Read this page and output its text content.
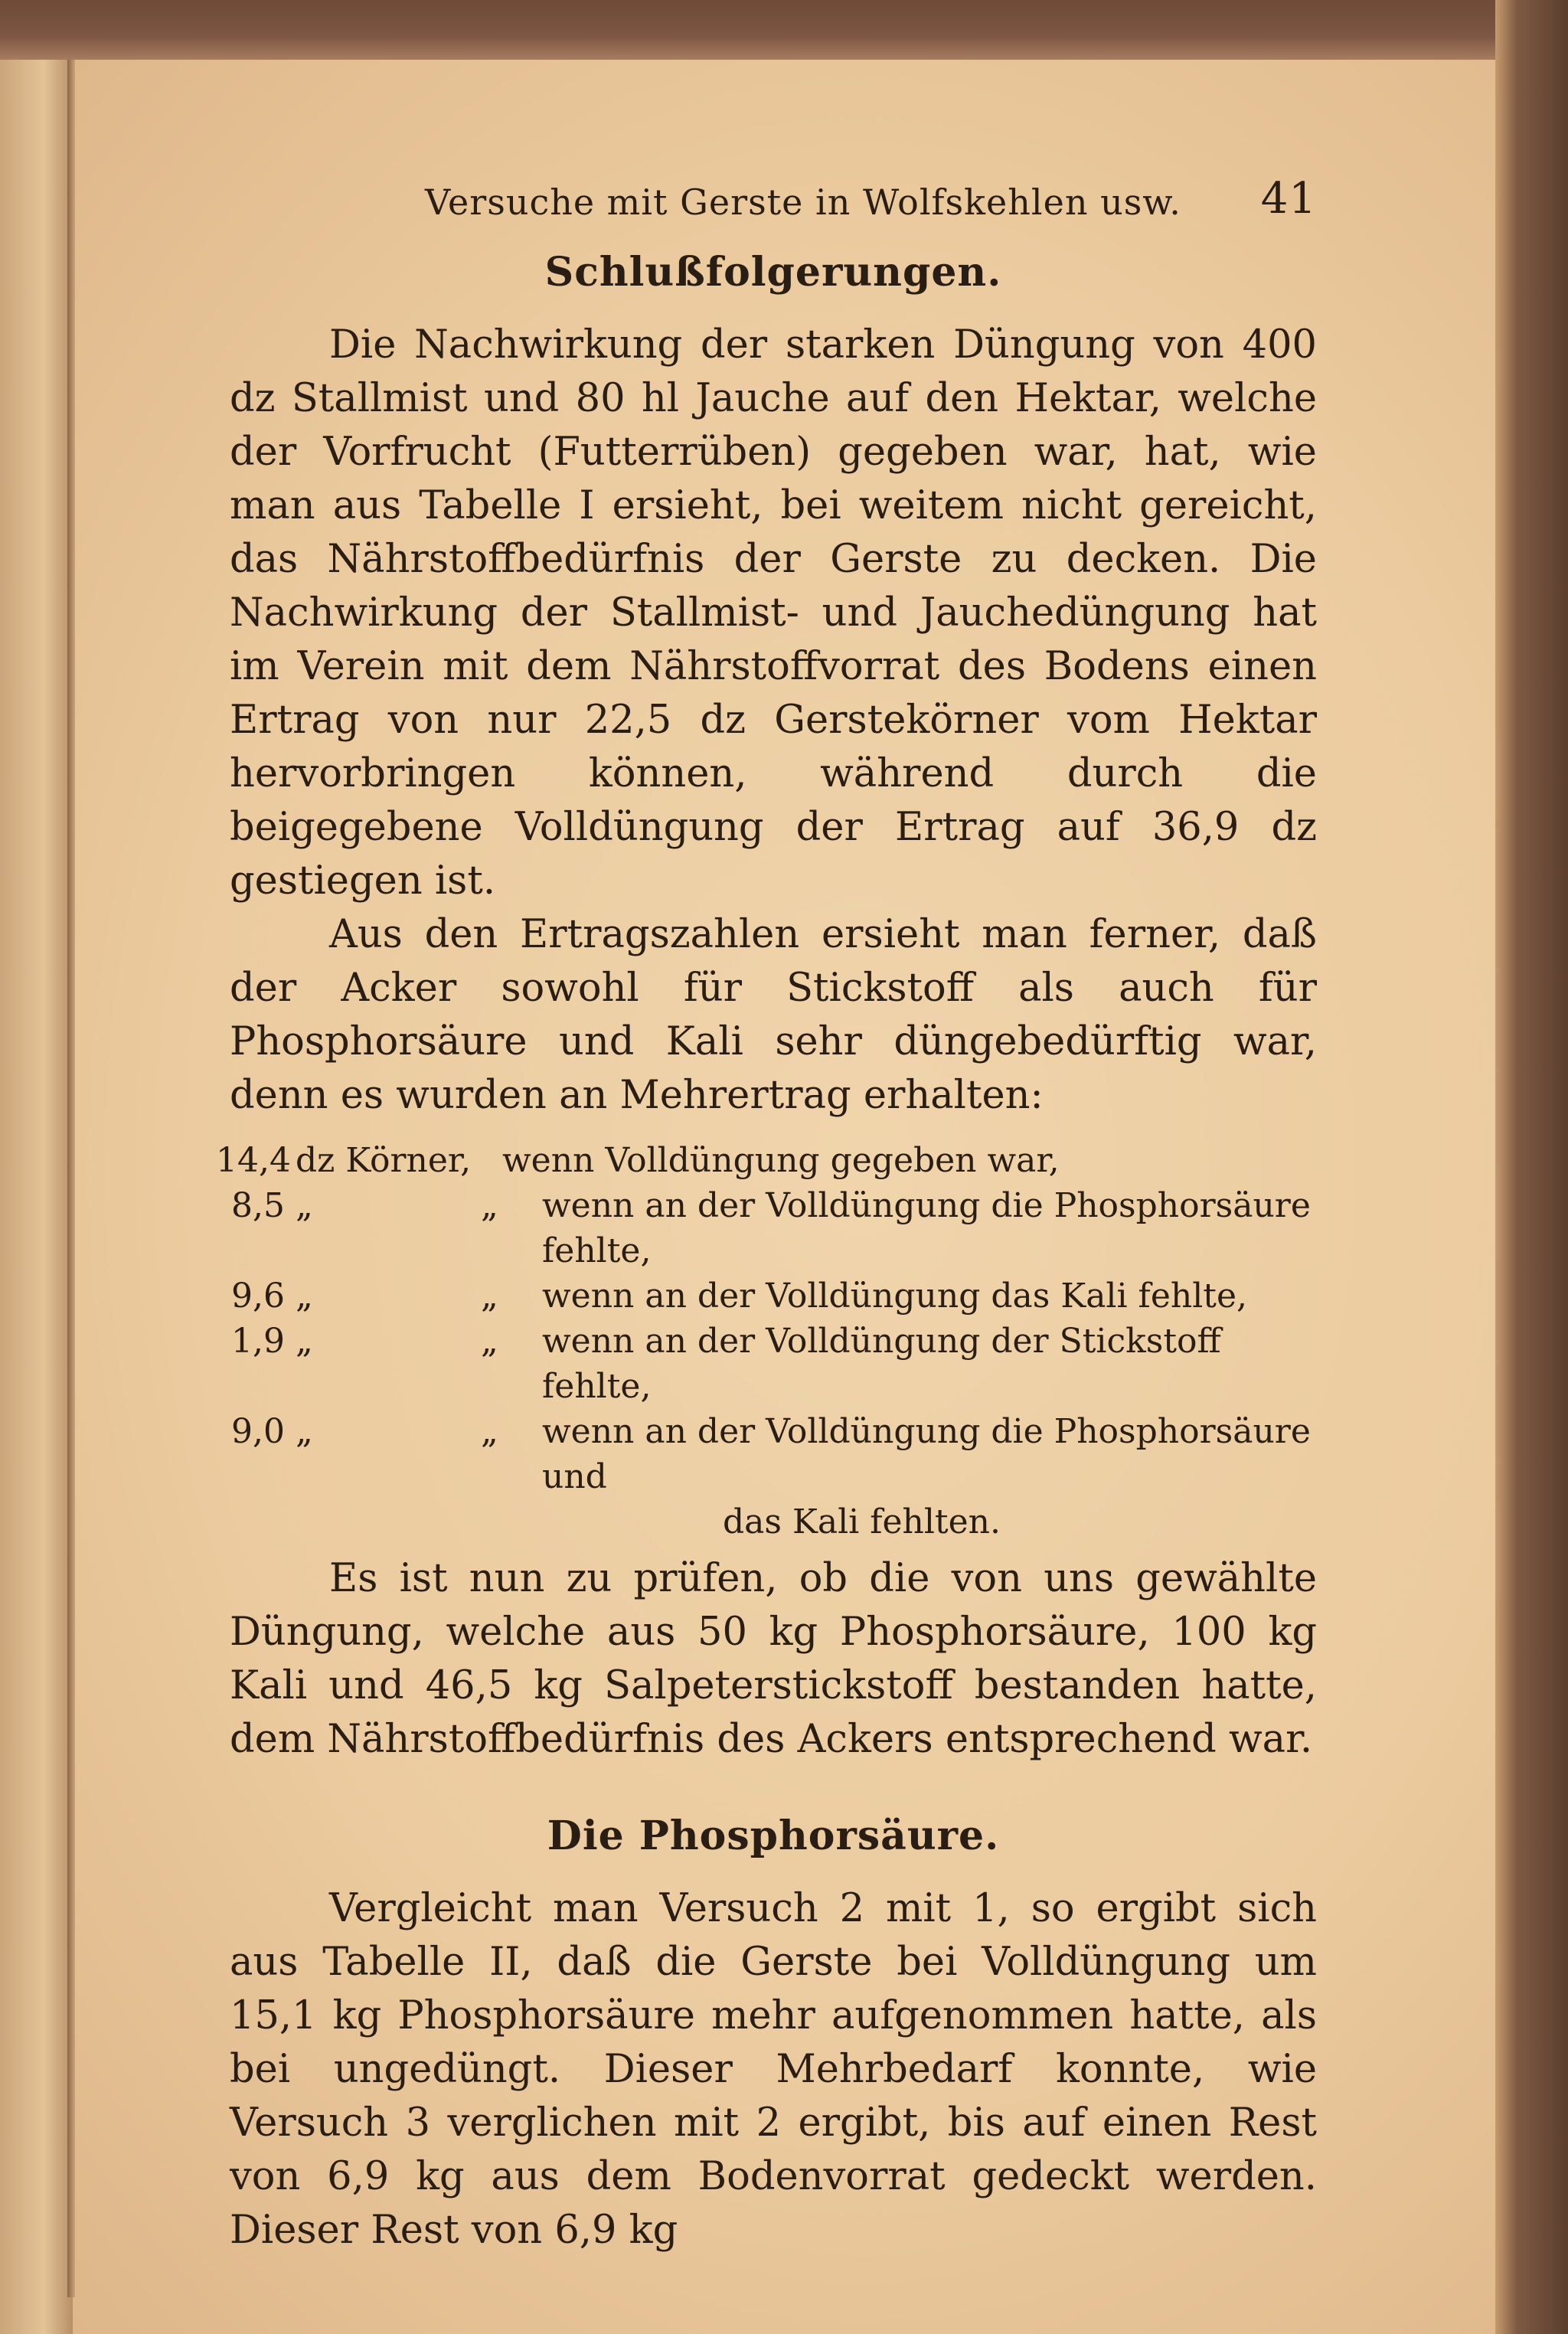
Versuche mit Gerste in Wolfskehlen usw. 41
Schlußfolgerungen.

Die Nachwirkung der starken Düngung von 400 dz Stallmist und 80 hl Jauche auf den Hektar, welche der Vorfrucht (Futterrüben) gegeben war, hat, wie man aus Tabelle I ersieht, bei weitem nicht gereicht, das Nährstoffbedürfnis der Gerste zu decken. Die Nachwirkung der Stallmist- und Jauchedüngung hat im Verein mit dem Nährstoffvorrat des Bodens einen Ertrag von nur 22,5 dz Gerstekörner vom Hektar hervorbringen können, während durch die beigegebene Volldüngung der Ertrag auf 36,9 dz gestiegen ist.

Aus den Ertragszahlen ersieht man ferner, daß der Acker sowohl für Stickstoff als auch für Phosphorsäure und Kali sehr düngebedürftig war, denn es wurden an Mehrertrag erhalten:

14,4 dz Körner, wenn Volldüngung gegeben war,
8,5 „	„	wenn an der Volldüngung die Phosphorsäure fehlte,
9,6 „	„	wenn an der Volldüngung das Kali fehlte,
1,9 „	„	wenn an der Volldüngung der Stickstoff fehlte,
9,0 „	„	wenn an der Volldüngung die Phosphorsäure und
das Kali fehlten.

Es ist nun zu prüfen, ob die von uns gewählte Düngung, welche aus 50 kg Phosphorsäure, 100 kg Kali und 46,5 kg Salpeterstickstoff bestanden hatte, dem Nährstoffbedürfnis des Ackers entsprechend war.

Die Phosphorsäure.

Vergleicht man Versuch 2 mit 1, so ergibt sich aus Tabelle II, daß die Gerste bei Volldüngung um 15,1 kg Phosphorsäure mehr aufgenommen hatte, als bei ungedüngt. Dieser Mehrbedarf konnte, wie Versuch 3 verglichen mit 2 ergibt, bis auf einen Rest von 6,9 kg aus dem Bodenvorrat gedeckt werden. Dieser Rest von 6,9 kg
